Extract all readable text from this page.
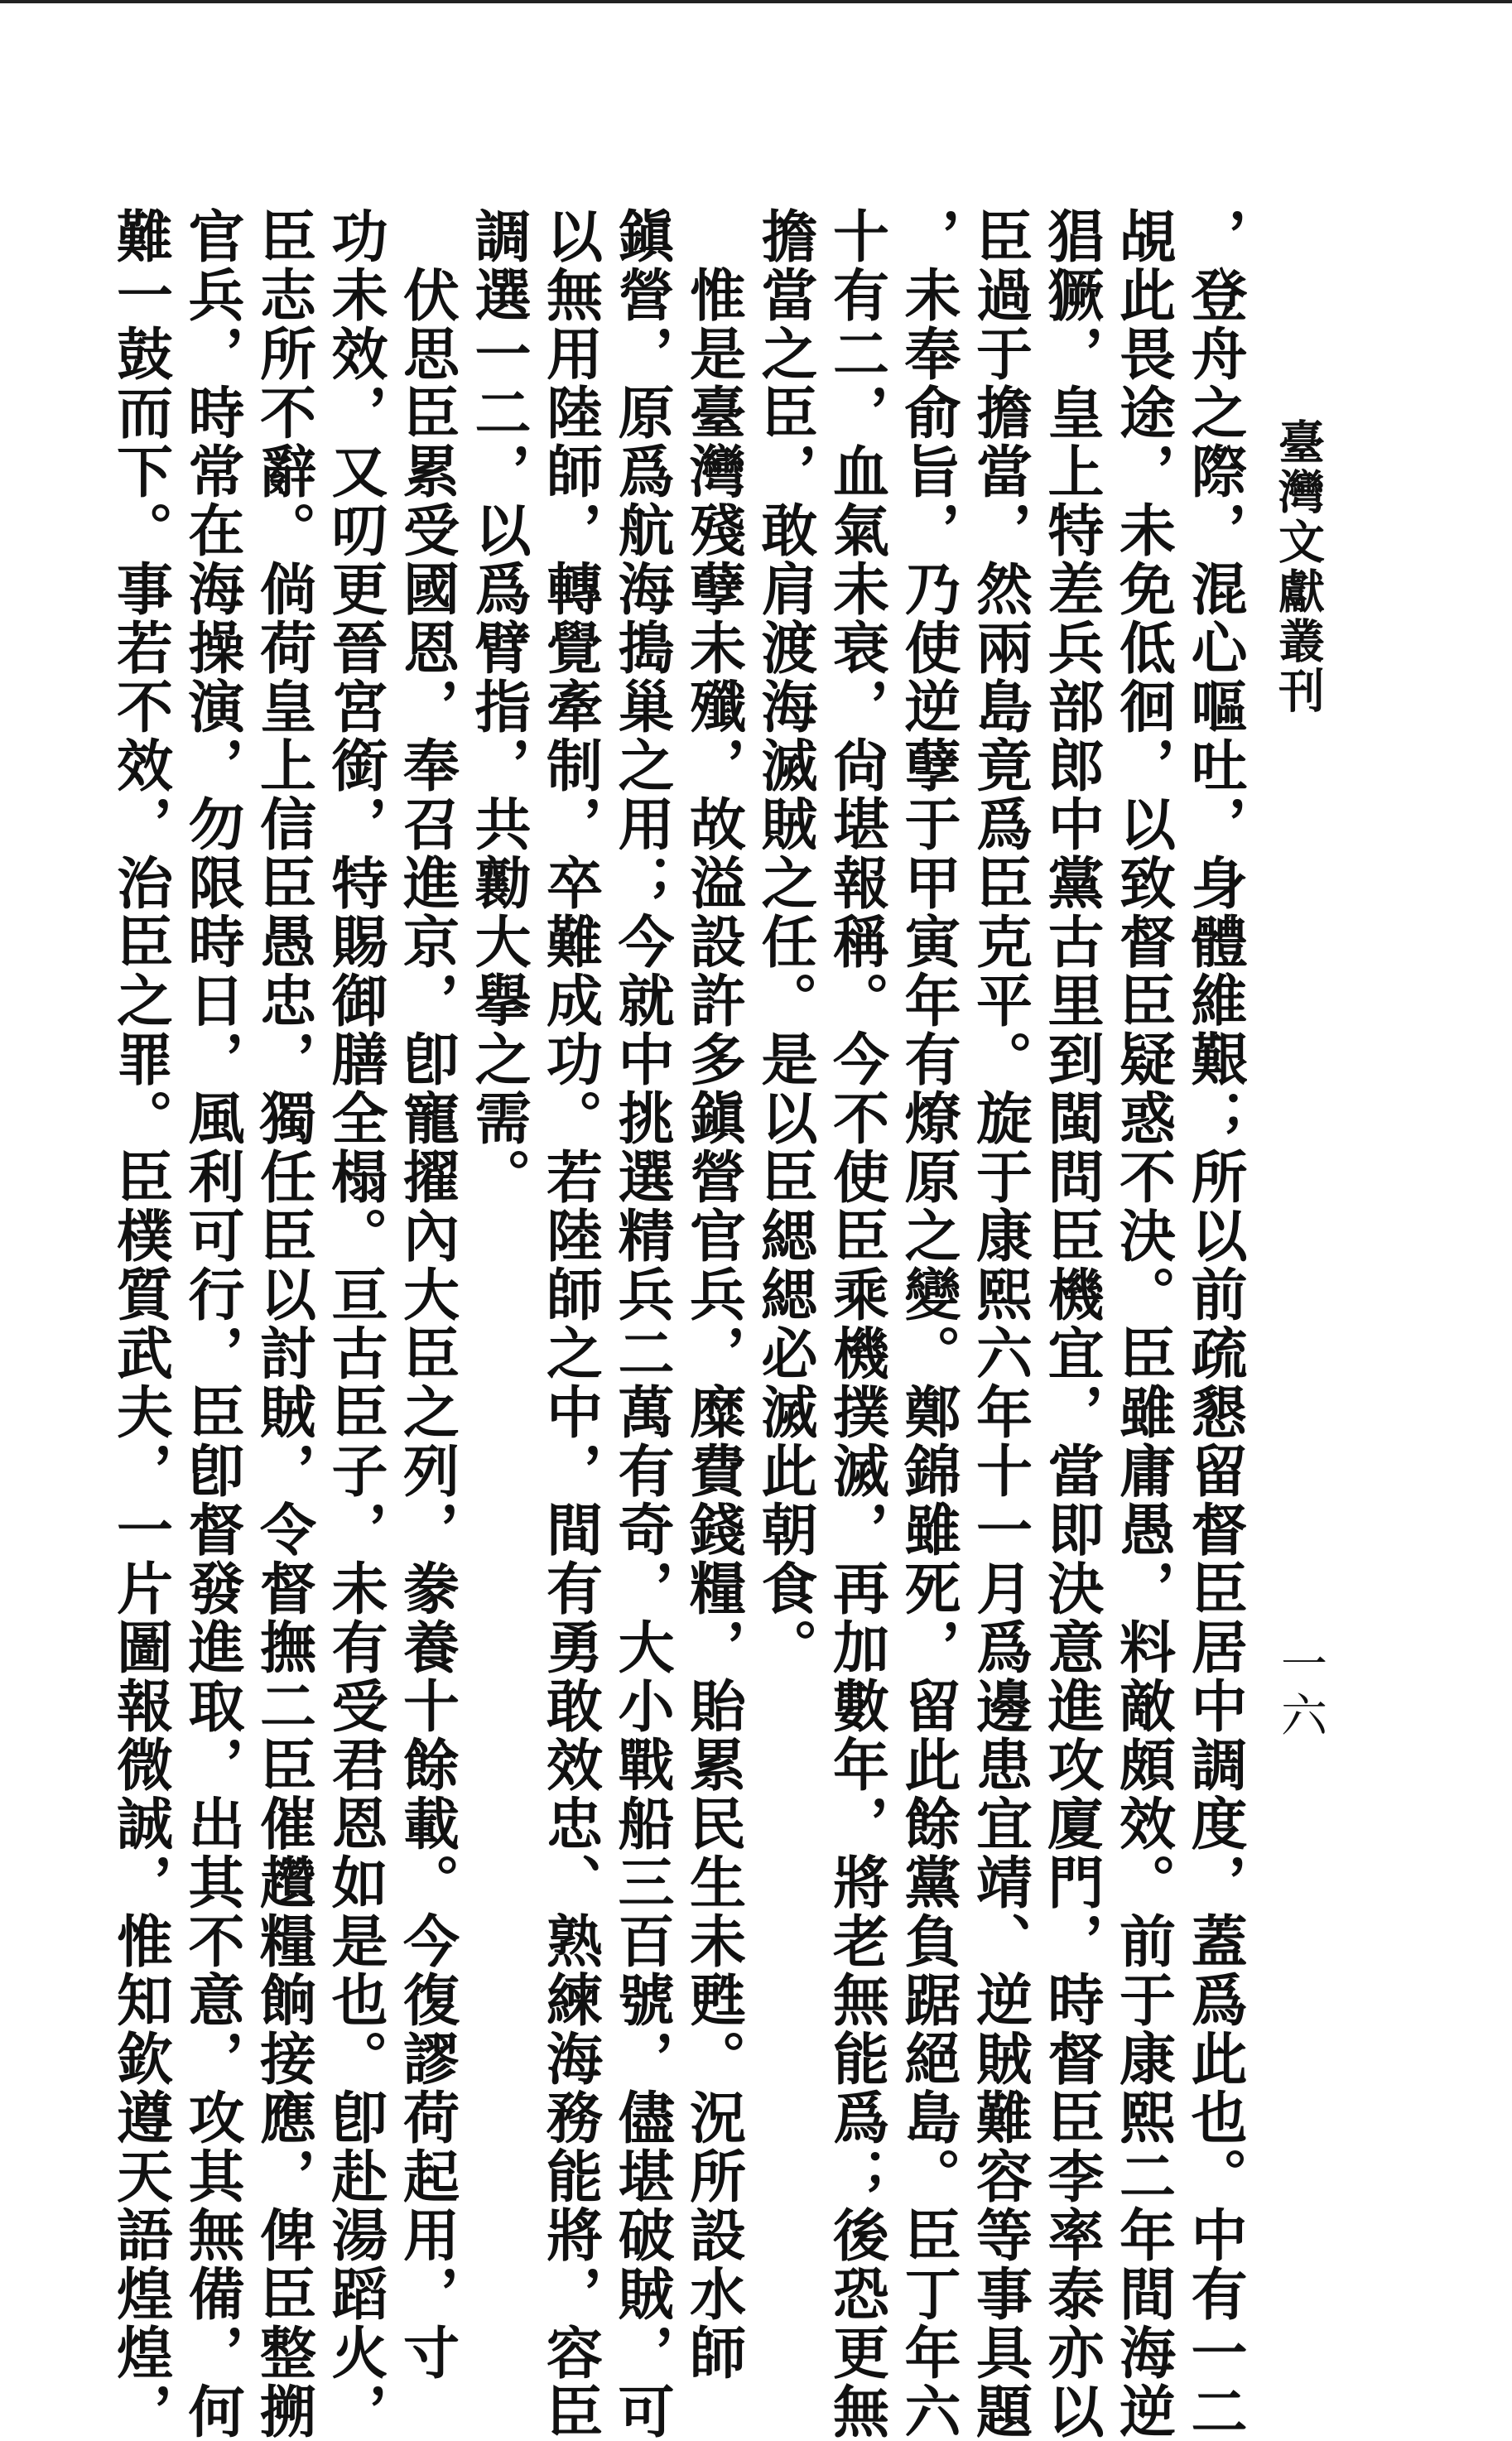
臺灣文獻叢刊
一六

，登舟之際，混心嘔吐，身體維艱；所以前疏懇留督臣居中調度，蓋爲此也。中有一二

覘此畏途，未免低徊，以致督臣疑惑不決。臣雖庸愚，料敵頗效。前于康熙二年間海逆

猖獗，皇上特差兵部郎中黨古里到閩問臣機宜，當即決意進攻廈門，時督臣李率泰亦以

臣過于擔當，然兩島竟爲臣克平。旋于康熙六年十一月爲邊患宜靖、逆賊難容等事具題

，未奉俞旨，乃使逆孽于甲寅年有燎原之變。鄭錦雖死，留此餘黨負踞絕島。臣丁年六

十有二，血氣未衰，尙堪報稱。今不使臣乘機撲滅，再加數年，將老無能爲；後恐更無

擔當之臣，敢肩渡海滅賊之任。是以臣緦緦必滅此朝食。

　惟是臺灣殘孽未殲，故溢設許多鎭營官兵，糜費錢糧，貽累民生未甦。況所設水師

鎭營，原爲航海搗巢之用；今就中挑選精兵二萬有奇，大小戰船三百號，儘堪破賊，可

以無用陸師，轉覺牽制，卒難成功。若陸師之中，間有勇敢效忠、熟練海務能將，容臣

調選一二，以爲臂指，共勷大擧之需。

　伏思臣累受國恩，奉召進京，卽寵擢內大臣之列，豢養十餘載。今復謬荷起用，寸

功未效，又叨更晉宮銜，特賜御膳全榻。亘古臣子，未有受君恩如是也。卽赴湯蹈火，

臣志所不辭。倘荷皇上信臣愚忠，獨任臣以討賊，令督撫二臣催趲糧餉接應，俾臣整搠

官兵，時常在海操演，勿限時日，風利可行，臣卽督發進取，出其不意，攻其無備，何

難一鼓而下。事若不效，治臣之罪。臣樸質武夫，一片圖報微誠，惟知欽遵天語煌煌，
